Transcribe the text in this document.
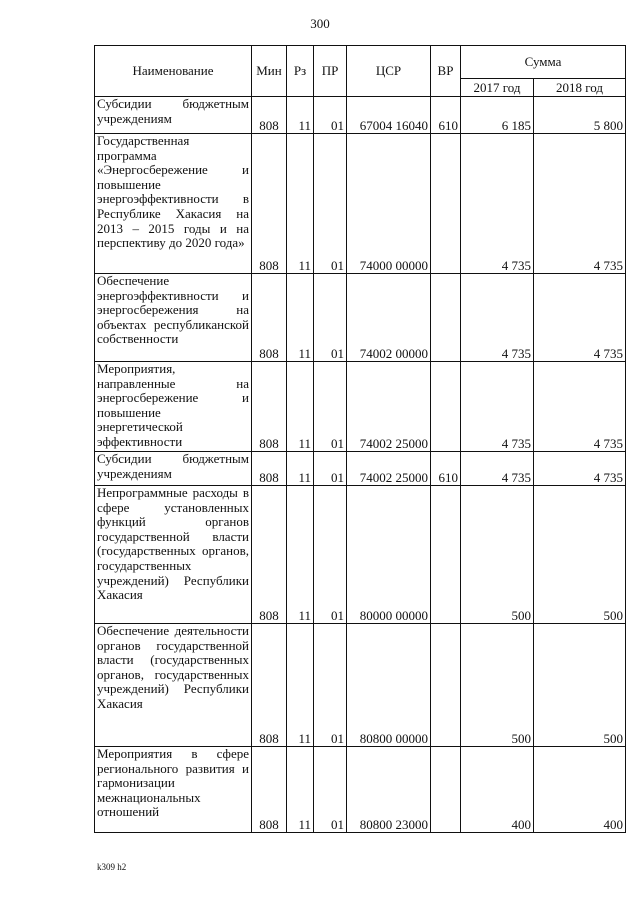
300
Наименование	Мин	Рз	ПР	ЦСР	ВР	Сумма	
						2017 год	2018 год
Субсидии бюджетным учреждениям	808	11	01	67004 16040	610	6 185	5 800
Государственная программа «Энергосбережение и повышение энергоэффективности в Республике Хакасия на 2013 – 2015 годы и на перспективу до 2020 года»	808	11	01	74000 00000		4 735	4 735
Обеспечение энергоэффективности и энергосбережения на объектах республиканской собственности	808	11	01	74002 00000		4 735	4 735
Мероприятия, направленные на энергосбережение и повышение энергетической эффективности	808	11	01	74002 25000		4 735	4 735
Субсидии бюджетным учреждениям	808	11	01	74002 25000	610	4 735	4 735
Непрограммные расходы в сфере установленных функций органов государственной власти (государственных органов, государственных учреждений) Республики Хакасия	808	11	01	80000 00000		500	500
Обеспечение деятельности органов государственной власти (государственных органов, государственных учреждений) Республики Хакасия	808	11	01	80800 00000		500	500
Мероприятия в сфере регионального развития и гармонизации межнациональных отношений	808	11	01	80800 23000		400	400
k309 h2
